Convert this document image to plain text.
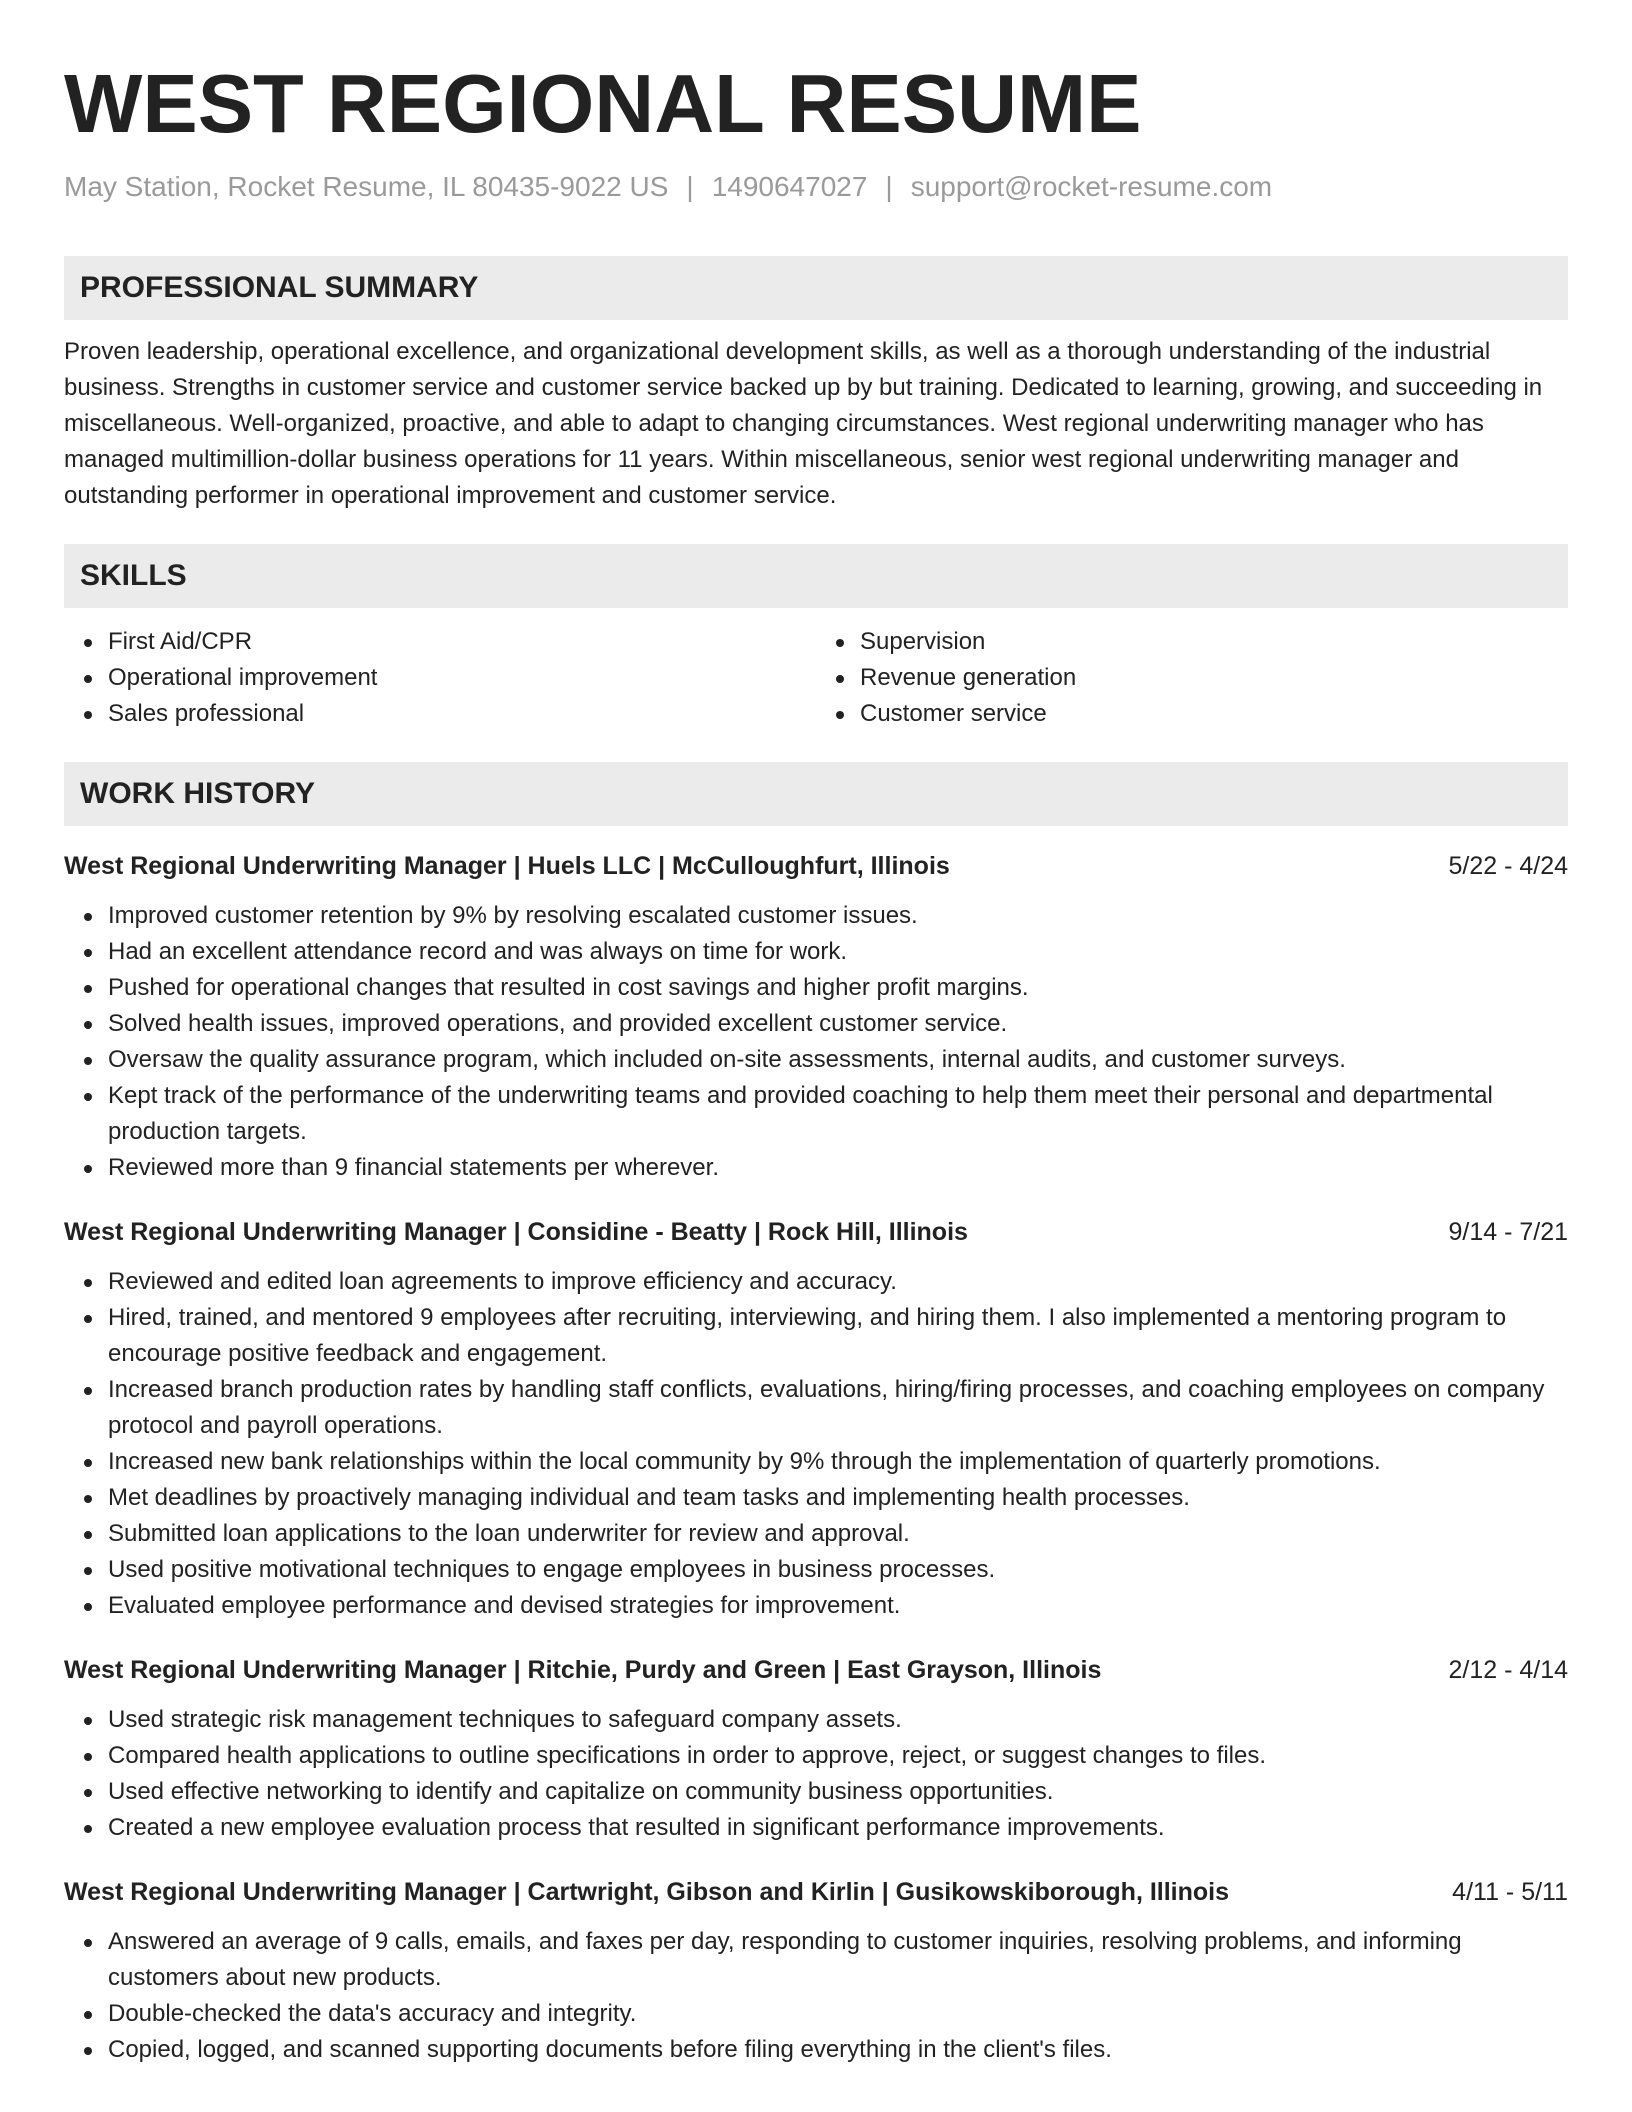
WEST REGIONAL RESUME
May Station, Rocket Resume, IL 80435-9022 US | 1490647027 | support@rocket-resume.com
PROFESSIONAL SUMMARY
Proven leadership, operational excellence, and organizational development skills, as well as a thorough understanding of the industrial business. Strengths in customer service and customer service backed up by but training. Dedicated to learning, growing, and succeeding in miscellaneous. Well-organized, proactive, and able to adapt to changing circumstances. West regional underwriting manager who has managed multimillion-dollar business operations for 11 years. Within miscellaneous, senior west regional underwriting manager and outstanding performer in operational improvement and customer service.
SKILLS
First Aid/CPR
Operational improvement
Sales professional
Supervision
Revenue generation
Customer service
WORK HISTORY
West Regional Underwriting Manager | Huels LLC | McCulloughfurt, Illinois	5/22 - 4/24
Improved customer retention by 9% by resolving escalated customer issues.
Had an excellent attendance record and was always on time for work.
Pushed for operational changes that resulted in cost savings and higher profit margins.
Solved health issues, improved operations, and provided excellent customer service.
Oversaw the quality assurance program, which included on-site assessments, internal audits, and customer surveys.
Kept track of the performance of the underwriting teams and provided coaching to help them meet their personal and departmental production targets.
Reviewed more than 9 financial statements per wherever.
West Regional Underwriting Manager | Considine - Beatty | Rock Hill, Illinois	9/14 - 7/21
Reviewed and edited loan agreements to improve efficiency and accuracy.
Hired, trained, and mentored 9 employees after recruiting, interviewing, and hiring them. I also implemented a mentoring program to encourage positive feedback and engagement.
Increased branch production rates by handling staff conflicts, evaluations, hiring/firing processes, and coaching employees on company protocol and payroll operations.
Increased new bank relationships within the local community by 9% through the implementation of quarterly promotions.
Met deadlines by proactively managing individual and team tasks and implementing health processes.
Submitted loan applications to the loan underwriter for review and approval.
Used positive motivational techniques to engage employees in business processes.
Evaluated employee performance and devised strategies for improvement.
West Regional Underwriting Manager | Ritchie, Purdy and Green | East Grayson, Illinois	2/12 - 4/14
Used strategic risk management techniques to safeguard company assets.
Compared health applications to outline specifications in order to approve, reject, or suggest changes to files.
Used effective networking to identify and capitalize on community business opportunities.
Created a new employee evaluation process that resulted in significant performance improvements.
West Regional Underwriting Manager | Cartwright, Gibson and Kirlin | Gusikowskiborough, Illinois	4/11 - 5/11
Answered an average of 9 calls, emails, and faxes per day, responding to customer inquiries, resolving problems, and informing customers about new products.
Double-checked the data's accuracy and integrity.
Copied, logged, and scanned supporting documents before filing everything in the client's files.
